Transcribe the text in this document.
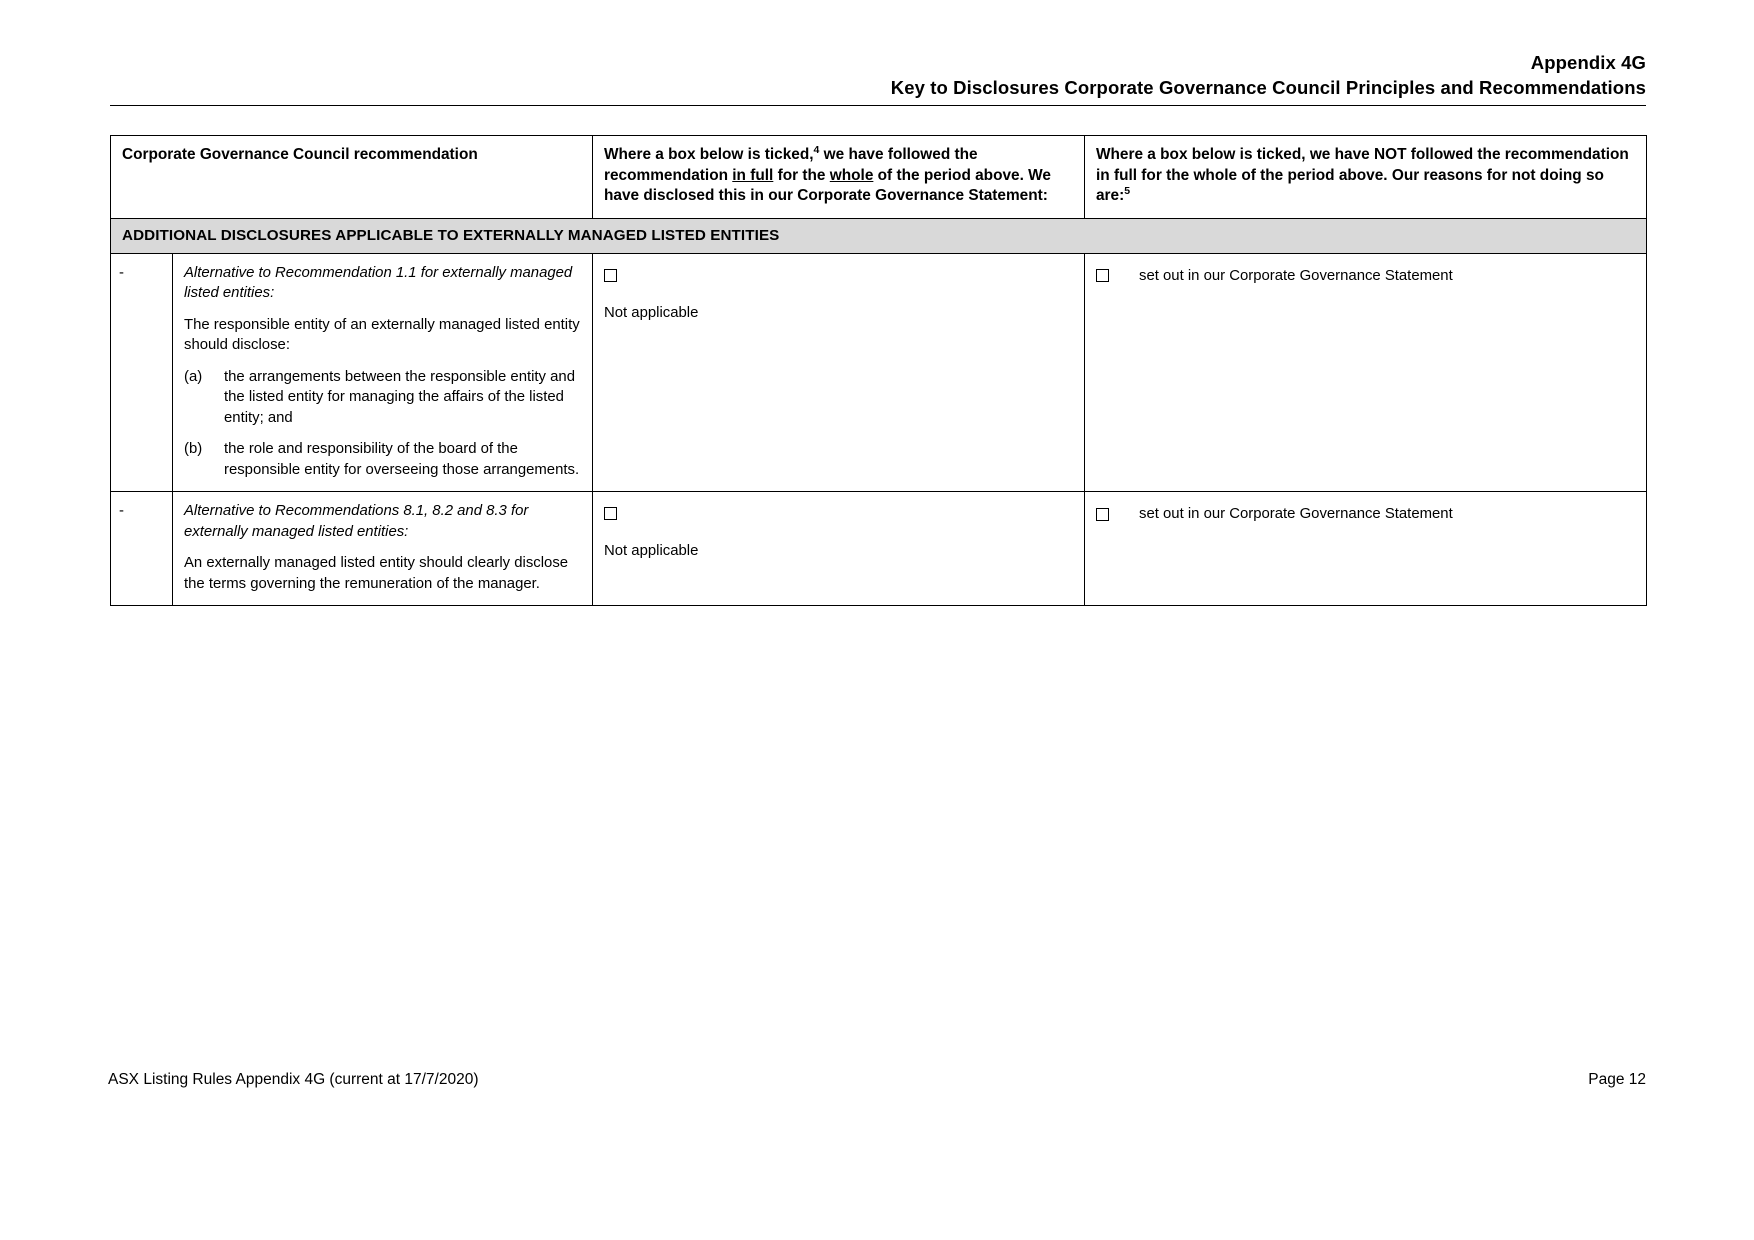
Appendix 4G
Key to Disclosures Corporate Governance Council Principles and Recommendations
Corporate Governance Council recommendation		Where a box below is ticked,$^4$ we have followed the recommendation in full for the whole of the period above. We have disclosed this in our Corporate Governance Statement:	Where a box below is ticked, we have NOT followed the recommendation in full for the whole of the period above. Our reasons for not doing so are:$^5$

ADDITIONAL DISCLOSURES APPLICABLE TO EXTERNALLY MANAGED LISTED ENTITIES			

-	Alternative to Recommendation 1.1 for externally managed listed entities:

The responsible entity of an externally managed listed entity should disclose:

(a)	the arrangements between the responsible entity and the listed entity for managing the affairs of the listed entity; and
(b)	the role and responsibility of the board of the responsible entity for overseeing those arrangements.	Not applicable	set out in our Corporate Governance Statement

-	Alternative to Recommendations 8.1, 8.2 and 8.3 for externally managed listed entities:

An externally managed listed entity should clearly disclose the terms governing the remuneration of the manager.	Not applicable	set out in our Corporate Governance Statement
ASX Listing Rules Appendix 4G (current at 17/7/2020)	Page 12
